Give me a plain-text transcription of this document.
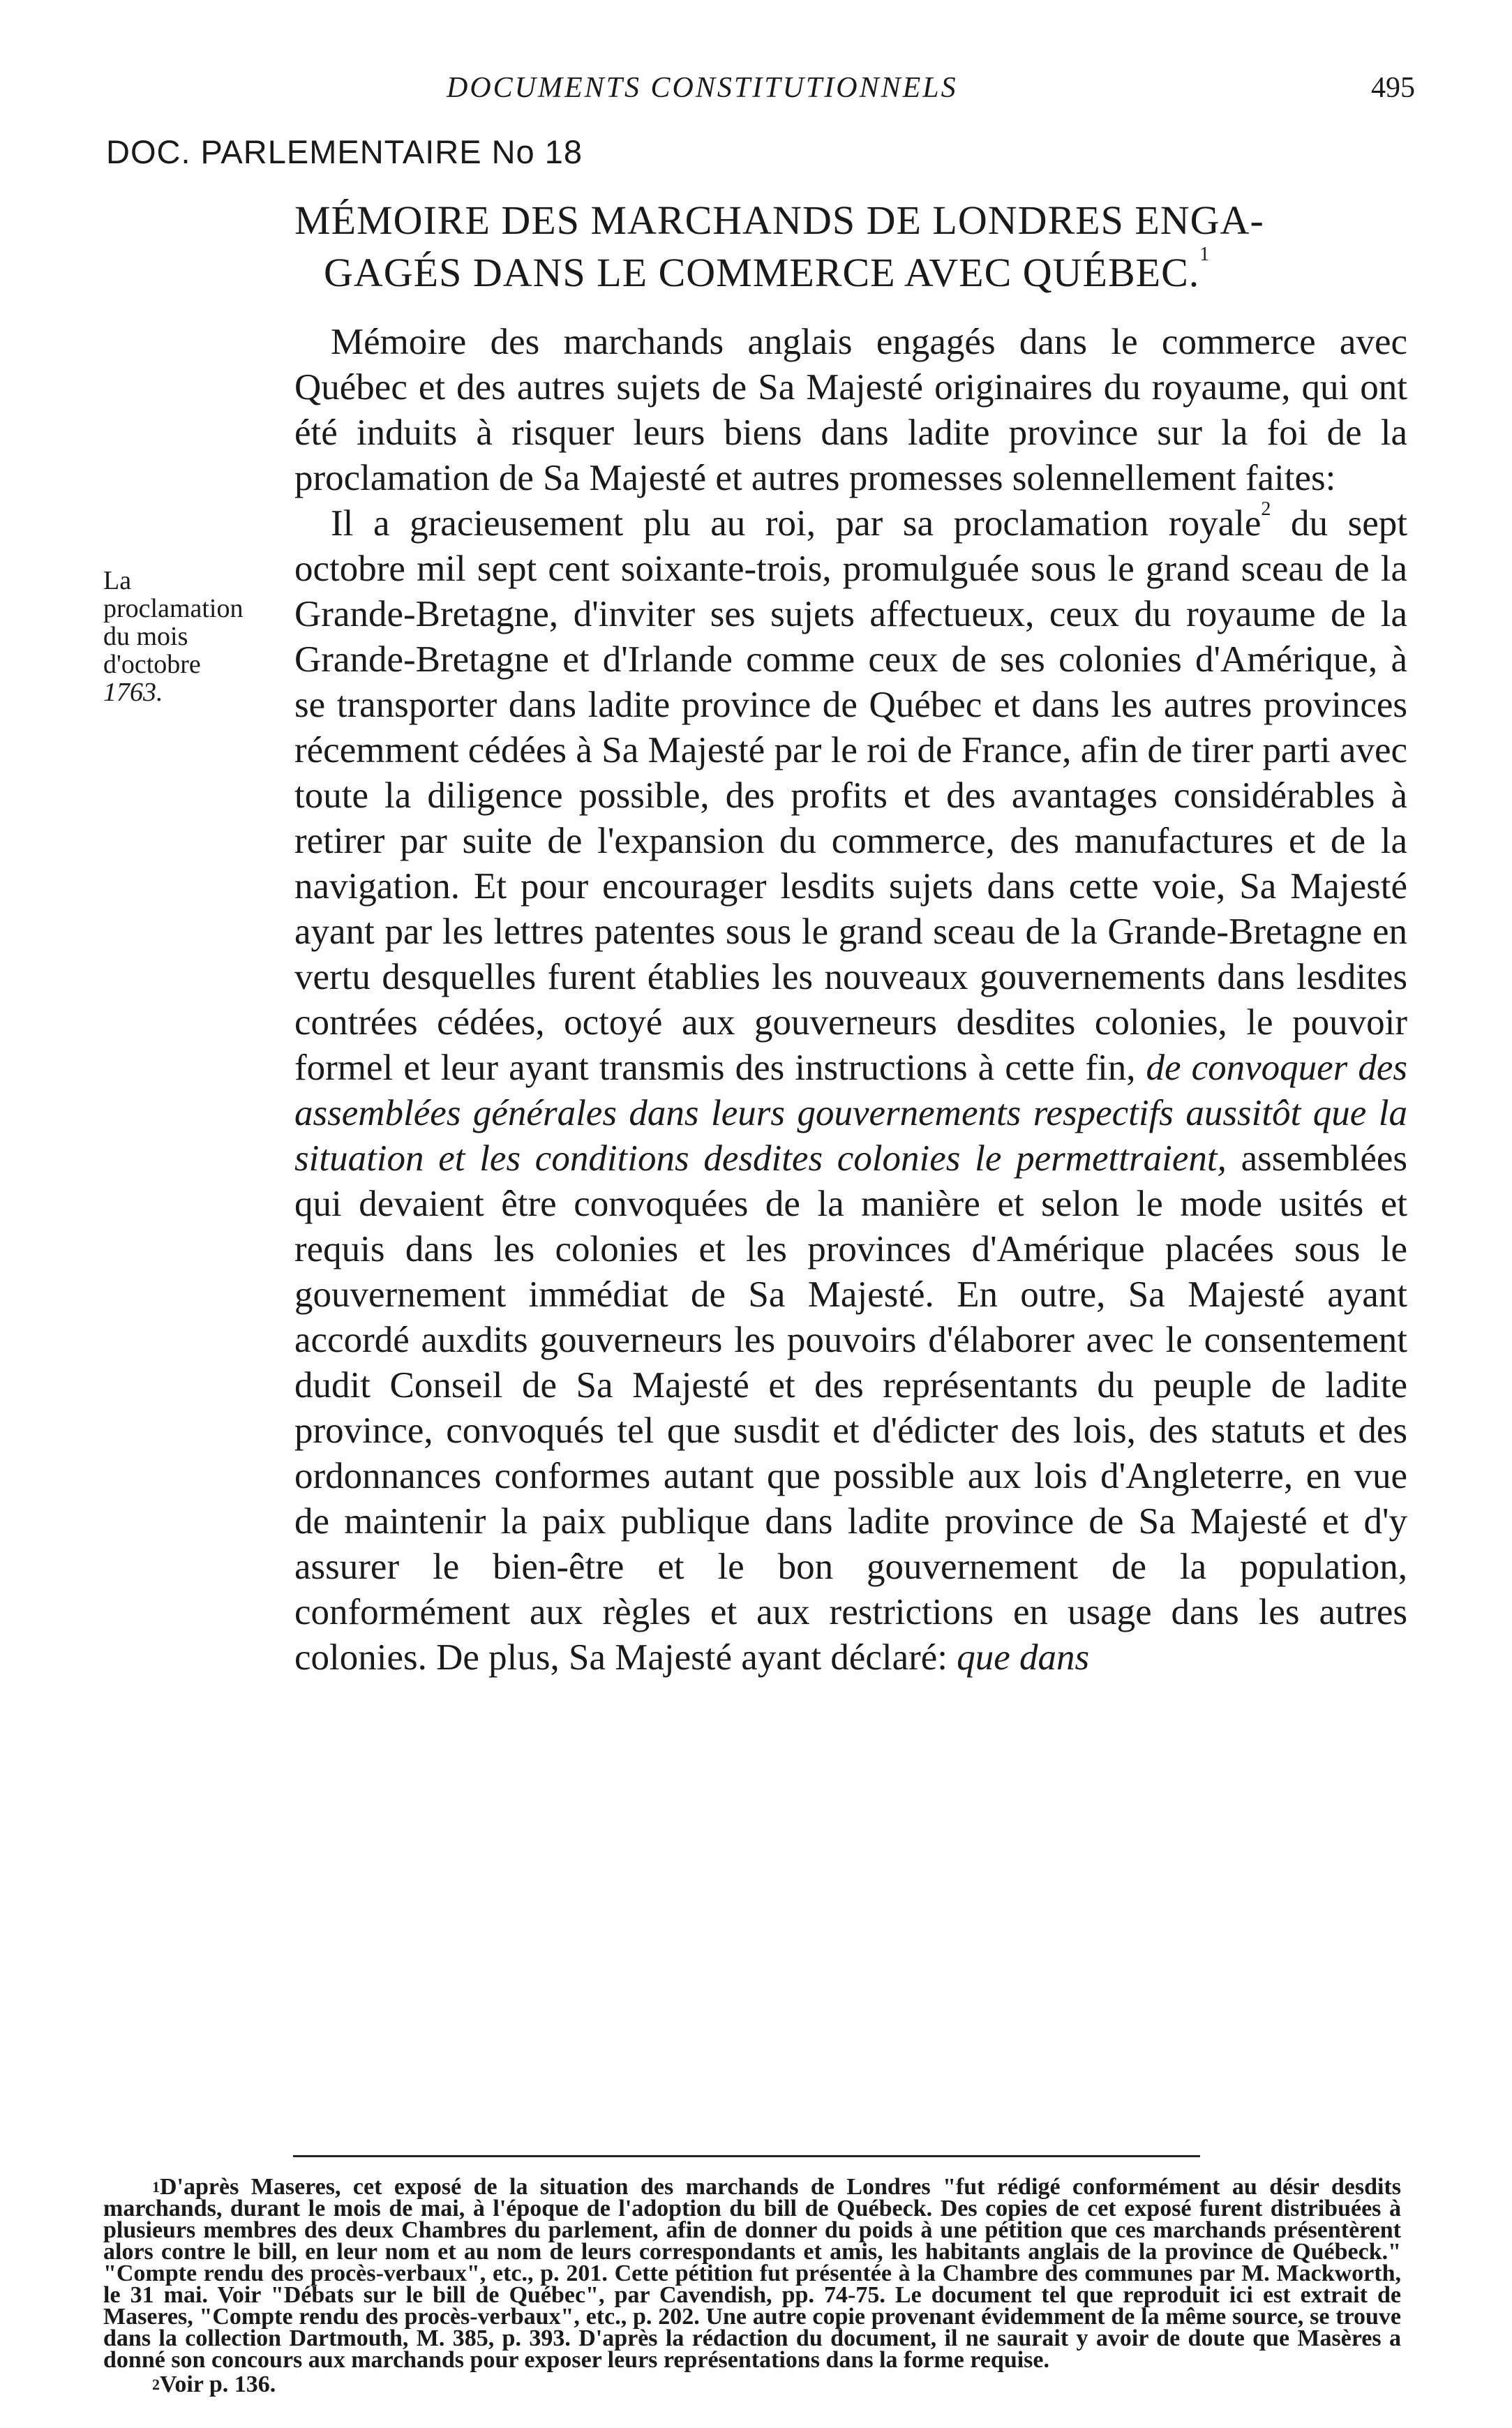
DOCUMENTS CONSTITUTIONNELS	495
DOC. PARLEMENTAIRE No 18
MÉMOIRE DES MARCHANDS DE LONDRES ENGA-
GAGÉS DANS LE COMMERCE AVEC QUÉBEC.$^1$
La
proclamation
du mois
d'octobre
1763.

Mémoire des marchands anglais engagés dans le commerce avec Québec et des autres sujets de Sa Majesté originaires du royaume, qui ont été induits à risquer leurs biens dans ladite province sur la foi de la proclamation de Sa Majesté et autres promesses solennellement faites:

Il a gracieusement plu au roi, par sa proclamation royale$^2$ du sept octobre mil sept cent soixante-trois, promulguée sous le grand sceau de la Grande-Bretagne, d'inviter ses sujets affectueux, ceux du royaume de la Grande-Bretagne et d'Irlande comme ceux de ses colonies d'Amérique, à se transporter dans ladite province de Québec et dans les autres provinces récemment cédées à Sa Majesté par le roi de France, afin de tirer parti avec toute la diligence possible, des profits et des avantages considérables à retirer par suite de l'expansion du commerce, des manufactures et de la navigation. Et pour encourager lesdits sujets dans cette voie, Sa Majesté ayant par les lettres patentes sous le grand sceau de la Grande-Bretagne en vertu desquelles furent établies les nouveaux gouvernements dans lesdites contrées cédées, octoyé aux gouverneurs desdites colonies, le pouvoir formel et leur ayant transmis des instructions à cette fin, de convoquer des assemblées générales dans leurs gouvernements respectifs aussitôt que la situation et les conditions desdites colonies le permettraient, assemblées qui devaient être convoquées de la manière et selon le mode usités et requis dans les colonies et les provinces d'Amérique placées sous le gouvernement immédiat de Sa Majesté. En outre, Sa Majesté ayant accordé auxdits gouverneurs les pouvoirs d'élaborer avec le consentement dudit Conseil de Sa Majesté et des représentants du peuple de ladite province, convoqués tel que susdit et d'édicter des lois, des statuts et des ordonnances conformes autant que possible aux lois d'Angleterre, en vue de maintenir la paix publique dans ladite province de Sa Majesté et d'y assurer le bien-être et le bon gouvernement de la population, conformément aux règles et aux restrictions en usage dans les autres colonies. De plus, Sa Majesté ayant déclaré: que dans

$^1$D'après Maseres, cet exposé de la situation des marchands de Londres "fut rédigé conformément au désir desdits marchands, durant le mois de mai, à l'époque de l'adoption du bill de Québeck. Des copies de cet exposé furent distribuées à plusieurs membres des deux Chambres du parlement, afin de donner du poids à une pétition que ces marchands présentèrent alors contre le bill, en leur nom et au nom de leurs correspondants et amis, les habitants anglais de la province de Québeck." "Compte rendu des procès-verbaux", etc., p. 201. Cette pétition fut présentée à la Chambre des communes par M. Mackworth, le 31 mai. Voir "Débats sur le bill de Québec", par Cavendish, pp. 74-75. Le document tel que reproduit ici est extrait de Maseres, "Compte rendu des procès-verbaux", etc., p. 202. Une autre copie provenant évidemment de la même source, se trouve dans la collection Dartmouth, M. 385, p. 393. D'après la rédaction du document, il ne saurait y avoir de doute que Masères a donné son concours aux marchands pour exposer leurs représentations dans la forme requise.

$^2$Voir p. 136.
